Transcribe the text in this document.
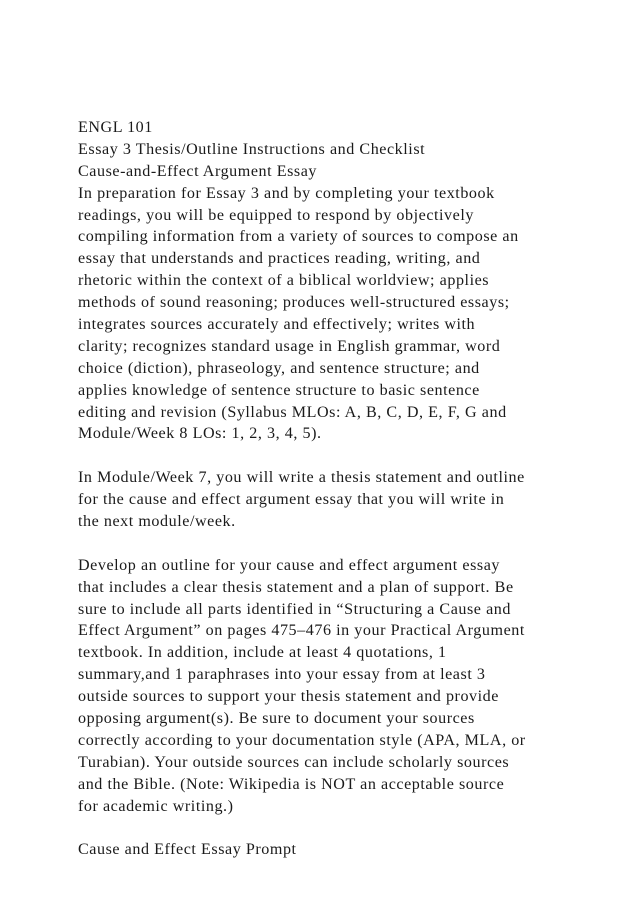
ENGL 101
Essay 3 Thesis/Outline Instructions and Checklist
Cause-and-Effect Argument Essay
In preparation for Essay 3 and by completing your textbook
readings, you will be equipped to respond by objectively
compiling information from a variety of sources to compose an
essay that understands and practices reading, writing, and
rhetoric within the context of a biblical worldview; applies
methods of sound reasoning; produces well-structured essays;
integrates sources accurately and effectively; writes with
clarity; recognizes standard usage in English grammar, word
choice (diction), phraseology, and sentence structure; and
applies knowledge of sentence structure to basic sentence
editing and revision (Syllabus MLOs: A, B, C, D, E, F, G and
Module/Week 8 LOs: 1, 2, 3, 4, 5).
In Module/Week 7, you will write a thesis statement and outline
for the cause and effect argument essay that you will write in
the next module/week.
Develop an outline for your cause and effect argument essay
that includes a clear thesis statement and a plan of support. Be
sure to include all parts identified in “Structuring a Cause and
Effect Argument” on pages 475–476 in your Practical Argument
textbook. In addition, include at least 4 quotations, 1
summary,and 1 paraphrases into your essay from at least 3
outside sources to support your thesis statement and provide
opposing argument(s). Be sure to document your sources
correctly according to your documentation style (APA, MLA, or
Turabian). Your outside sources can include scholarly sources
and the Bible. (Note: Wikipedia is NOT an acceptable source
for academic writing.)
Cause and Effect Essay Prompt
